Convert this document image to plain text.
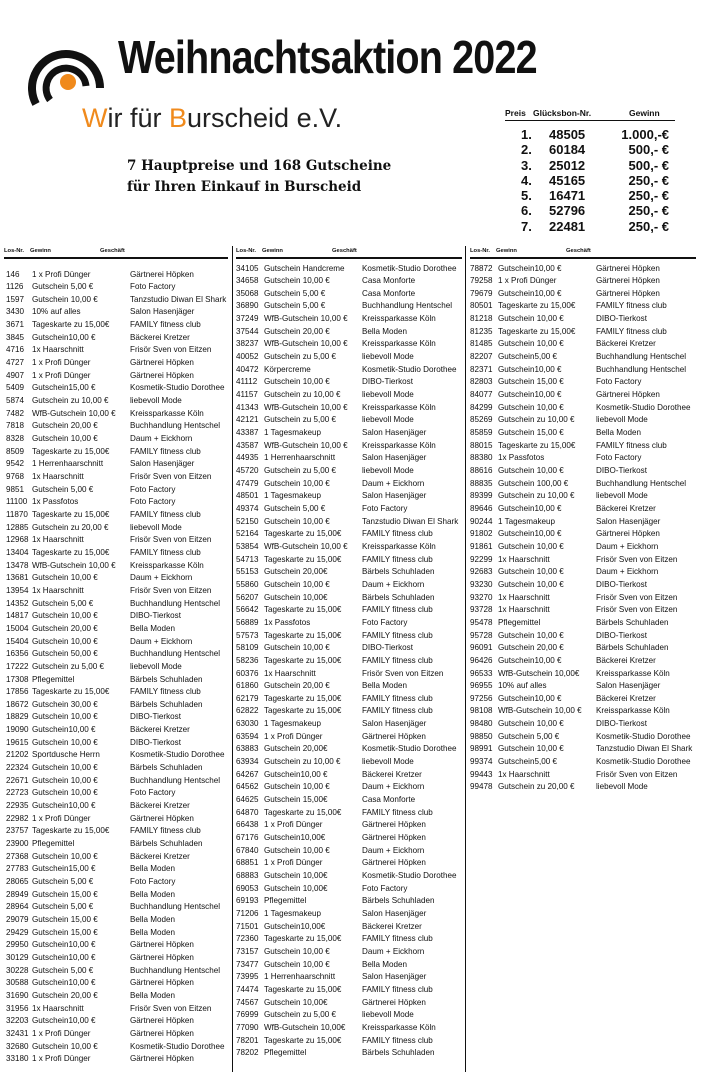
Weihnachtsaktion 2022
Wir für Burscheid e.V.
7 Hauptpreise und 168 Gutscheine
für Ihren Einkauf in Burscheid
Preis Glücksbon-Nr.	Gewinn
1.	48505	1.000,-€
2.	60184	500,- €
3.	25012	500,- €
4.	45165	250,- €
5.	16471	250,- €
6.	52796	250,- €
7.	22481	250,- €
Los-Nr.	Gewinn	Geschäft
146	1 x Profi Dünger	Gärtnerei Höpken
1126	Gutschein 5,00 €	Foto Factory
1597 Gutschein 10,00 €	Tanzstudio Diwan El Shark
3430 10% auf alles	Salon Hasenjäger
3671 Tageskarte zu 15,00€	FAMILY fitness club
3845 Gutschein10,00 €	Bäckerei Kretzer
4716 1x Haarschnitt	Frisör Sven von Eitzen
4727 1 x Profi Dünger	Gärtnerei Höpken
4907 1 x Profi Dünger	Gärtnerei Höpken
5409 Gutschein15,00 €	Kosmetik-Studio Dorothee
5874 Gutschein zu 10,00 €	liebevoll Mode
7482 WfB-Gutschein 10,00 €	Kreissparkasse Köln
7818 Gutschein 20,00 €	Buchhandlung Hentschel
8328 Gutschein 10,00 €	Daum + Eickhorn
8509 Tageskarte zu 15,00€	FAMILY fitness club
9542 1 Herrenhaarschnitt	Salon Hasenjäger
9768 1x Haarschnitt	Frisör Sven von Eitzen
9851 Gutschein 5,00 €	Foto Factory
11100 1x Passfotos	Foto Factory
11870 Tageskarte zu 15,00€	FAMILY fitness club
12885 Gutschein zu 20,00 €	liebevoll Mode
12968 1x Haarschnitt	Frisör Sven von Eitzen
13404 Tageskarte zu 15,00€	FAMILY fitness club
13478 WfB-Gutschein 10,00 €	Kreissparkasse Köln
13681 Gutschein 10,00 €	Daum + Eickhorn
13954 1x Haarschnitt	Frisör Sven von Eitzen
14352 Gutschein 5,00 €	Buchhandlung Hentschel
14817 Gutschein 10,00 €	DIBO-Tierkost
15004 Gutschein 20,00 €	Bella Moden
15404 Gutschein 10,00 €	Daum + Eickhorn
16356 Gutschein 50,00 €	Buchhandlung Hentschel
17222 Gutschein zu 5,00 €	liebevoll Mode
17308 Pflegemittel	Bärbels Schuhladen
17856 Tageskarte zu 15,00€	FAMILY fitness club
18672 Gutschein 30,00 €	Bärbels Schuhladen
18829 Gutschein 10,00 €	DIBO-Tierkost
19090 Gutschein10,00 €	Bäckerei Kretzer
19615 Gutschein 10,00 €	DIBO-Tierkost
21202 Sportdusche Herrn	Kosmetik-Studio Dorothee
22324 Gutschein 10,00 €	Bärbels Schuhladen
22671 Gutschein 10,00 €	Buchhandlung Hentschel
22723 Gutschein 10,00 €	Foto Factory
22935 Gutschein10,00 €	Bäckerei Kretzer
22982 1 x Profi Dünger	Gärtnerei Höpken
23757 Tageskarte zu 15,00€	FAMILY fitness club
23900 Pflegemittel	Bärbels Schuhladen
27368 Gutschein 10,00 €	Bäckerei Kretzer
27783 Gutschein15,00 €	Bella Moden
28065 Gutschein 5,00 €	Foto Factory
28949 Gutschein 15,00 €	Bella Moden
28964 Gutschein 5,00 €	Buchhandlung Hentschel
29079 Gutschein 15,00 €	Bella Moden
29429 Gutschein 15,00 €	Bella Moden
29950 Gutschein10,00 €	Gärtnerei Höpken
30129 Gutschein10,00 €	Gärtnerei Höpken
30228 Gutschein 5,00 €	Buchhandlung Hentschel
30588 Gutschein10,00 €	Gärtnerei Höpken
31690 Gutschein 20,00 €	Bella Moden
31956 1x Haarschnitt	Frisör Sven von Eitzen
32203 Gutschein10,00 €	Gärtnerei Höpken
32431 1 x Profi Dünger	Gärtnerei Höpken
32680 Gutschein 10,00 €	Kosmetik-Studio Dorothee
33180 1 x Profi Dünger	Gärtnerei Höpken
Los-Nr.	Gewinn	Geschäft
34105 Gutschein Handcreme	Kosmetik-Studio Dorothee
34658 Gutschein 10,00 €	Casa Monforte
35068 Gutschein 5,00 €	Casa Monforte
36890 Gutschein 5,00 €	Buchhandlung Hentschel
37249 WfB-Gutschein 10,00 €	Kreissparkasse Köln
37544 Gutschein 20,00 €	Bella Moden
38237 WfB-Gutschein 10,00 €	Kreissparkasse Köln
40052 Gutschein zu 5,00 €	liebevoll Mode
40472 Körpercreme	Kosmetik-Studio Dorothee
41112 Gutschein 10,00 €	DIBO-Tierkost
41157 Gutschein zu 10,00 €	liebevoll Mode
41343 WfB-Gutschein 10,00 €	Kreissparkasse Köln
42121 Gutschein zu 5,00 €	liebevoll Mode
43387 1 Tagesmakeup	Salon Hasenjäger
43587 WfB-Gutschein 10,00 €	Kreissparkasse Köln
44935 1 Herrenhaarschnitt	Salon Hasenjäger
45720 Gutschein zu 5,00 €	liebevoll Mode
47479 Gutschein 10,00 €	Daum + Eickhorn
48501 1 Tagesmakeup	Salon Hasenjäger
49374 Gutschein 5,00 €	Foto Factory
52150 Gutschein 10,00 €	Tanzstudio Diwan El Shark
52164 Tageskarte zu 15,00€	FAMILY fitness club
53854 WfB-Gutschein 10,00 €	Kreissparkasse Köln
54713 Tageskarte zu 15,00€	FAMILY fitness club
55153 Gutschein 20,00€	Bärbels Schuhladen
55860 Gutschein 10,00 €	Daum + Eickhorn
56207 Gutschein 10,00€	Bärbels Schuhladen
56642 Tageskarte zu 15,00€	FAMILY fitness club
56889 1x Passfotos	Foto Factory
57573 Tageskarte zu 15,00€	FAMILY fitness club
58109 Gutschein 10,00 €	DIBO-Tierkost
58236 Tageskarte zu 15,00€	FAMILY fitness club
60376 1x Haarschnitt	Frisör Sven von Eitzen
61860 Gutschein 20,00 €	Bella Moden
62179 Tageskarte zu 15,00€	FAMILY fitness club
62822 Tageskarte zu 15,00€	FAMILY fitness club
63030 1 Tagesmakeup	Salon Hasenjäger
63594 1 x Profi Dünger	Gärtnerei Höpken
63883 Gutschein 20,00€	Kosmetik-Studio Dorothee
63934 Gutschein zu 10,00 €	liebevoll Mode
64267 Gutschein10,00 €	Bäckerei Kretzer
64562 Gutschein 10,00 €	Daum + Eickhorn
64625 Gutschein 15,00€	Casa Monforte
64870 Tageskarte zu 15,00€	FAMILY fitness club
66438 1 x Profi Dünger	Gärtnerei Höpken
67176 Gutschein10,00€	Gärtnerei Höpken
67840 Gutschein 10,00 €	Daum + Eickhorn
68851 1 x Profi Dünger	Gärtnerei Höpken
68883 Gutschein 10,00€	Kosmetik-Studio Dorothee
69053 Gutschein 10,00€	Foto Factory
69193 Pflegemittel	Bärbels Schuhladen
71206 1 Tagesmakeup	Salon Hasenjäger
71501 Gutschein10,00€	Bäckerei Kretzer
72360 Tageskarte zu 15,00€	FAMILY fitness club
73157 Gutschein 10,00 €	Daum + Eickhorn
73477 Gutschein 10,00 €	Bella Moden
73995 1 Herrenhaarschnitt	Salon Hasenjäger
74474 Tageskarte zu 15,00€	FAMILY fitness club
74567 Gutschein 10,00€	Gärtnerei Höpken
76999 Gutschein zu 5,00 €	liebevoll Mode
77090 WfB-Gutschein 10,00€	Kreissparkasse Köln
78201 Tageskarte zu 15,00€	FAMILY fitness club
78202 Pflegemittel	Bärbels Schuhladen
Los-Nr.	Gewinn	Geschäft
78872 Gutschein10,00 €	Gärtnerei Höpken
79258 1 x Profi Dünger	Gärtnerei Höpken
79679 Gutschein10,00 €	Gärtnerei Höpken
80501 Tageskarte zu 15,00€	FAMILY fitness club
81218 Gutschein 10,00 €	DIBO-Tierkost
81235 Tageskarte zu 15,00€	FAMILY fitness club
81485 Gutschein 10,00 €	Bäckerei Kretzer
82207 Gutschein5,00 €	Buchhandlung Hentschel
82371 Gutschein10,00 €	Buchhandlung Hentschel
82803 Gutschein 15,00 €	Foto Factory
84077 Gutschein10,00 €	Gärtnerei Höpken
84299 Gutschein 10,00 €	Kosmetik-Studio Dorothee
85269 Gutschein zu 10,00 €	liebevoll Mode
85859 Gutschein 15,00 €	Bella Moden
88015 Tageskarte zu 15,00€	FAMILY fitness club
88380 1x Passfotos	Foto Factory
88616 Gutschein 10,00 €	DIBO-Tierkost
88835 Gutschein 100,00 €	Buchhandlung Hentschel
89399 Gutschein zu 10,00 €	liebevoll Mode
89646 Gutschein10,00 €	Bäckerei Kretzer
90244 1 Tagesmakeup	Salon Hasenjäger
91802 Gutschein10,00 €	Gärtnerei Höpken
91861 Gutschein 10,00 €	Daum + Eickhorn
92299 1x Haarschnitt	Frisör Sven von Eitzen
92683 Gutschein 10,00 €	Daum + Eickhorn
93230 Gutschein 10,00 €	DIBO-Tierkost
93270 1x Haarschnitt	Frisör Sven von Eitzen
93728 1x Haarschnitt	Frisör Sven von Eitzen
95478 Pflegemittel	Bärbels Schuhladen
95728 Gutschein 10,00 €	DIBO-Tierkost
96091 Gutschein 20,00 €	Bärbels Schuhladen
96426 Gutschein10,00 €	Bäckerei Kretzer
96533 WfB-Gutschein 10,00€	Kreissparkasse Köln
96955 10% auf alles	Salon Hasenjäger
97256 Gutschein10,00 €	Bäckerei Kretzer
98108 WfB-Gutschein 10,00 €	Kreissparkasse Köln
98480 Gutschein 10,00 €	DIBO-Tierkost
98850 Gutschein 5,00 €	Kosmetik-Studio Dorothee
98991 Gutschein 10,00 €	Tanzstudio Diwan El Shark
99374 Gutschein5,00 €	Kosmetik-Studio Dorothee
99443 1x Haarschnitt	Frisör Sven von Eitzen
99478 Gutschein zu 20,00 €	liebevoll Mode
